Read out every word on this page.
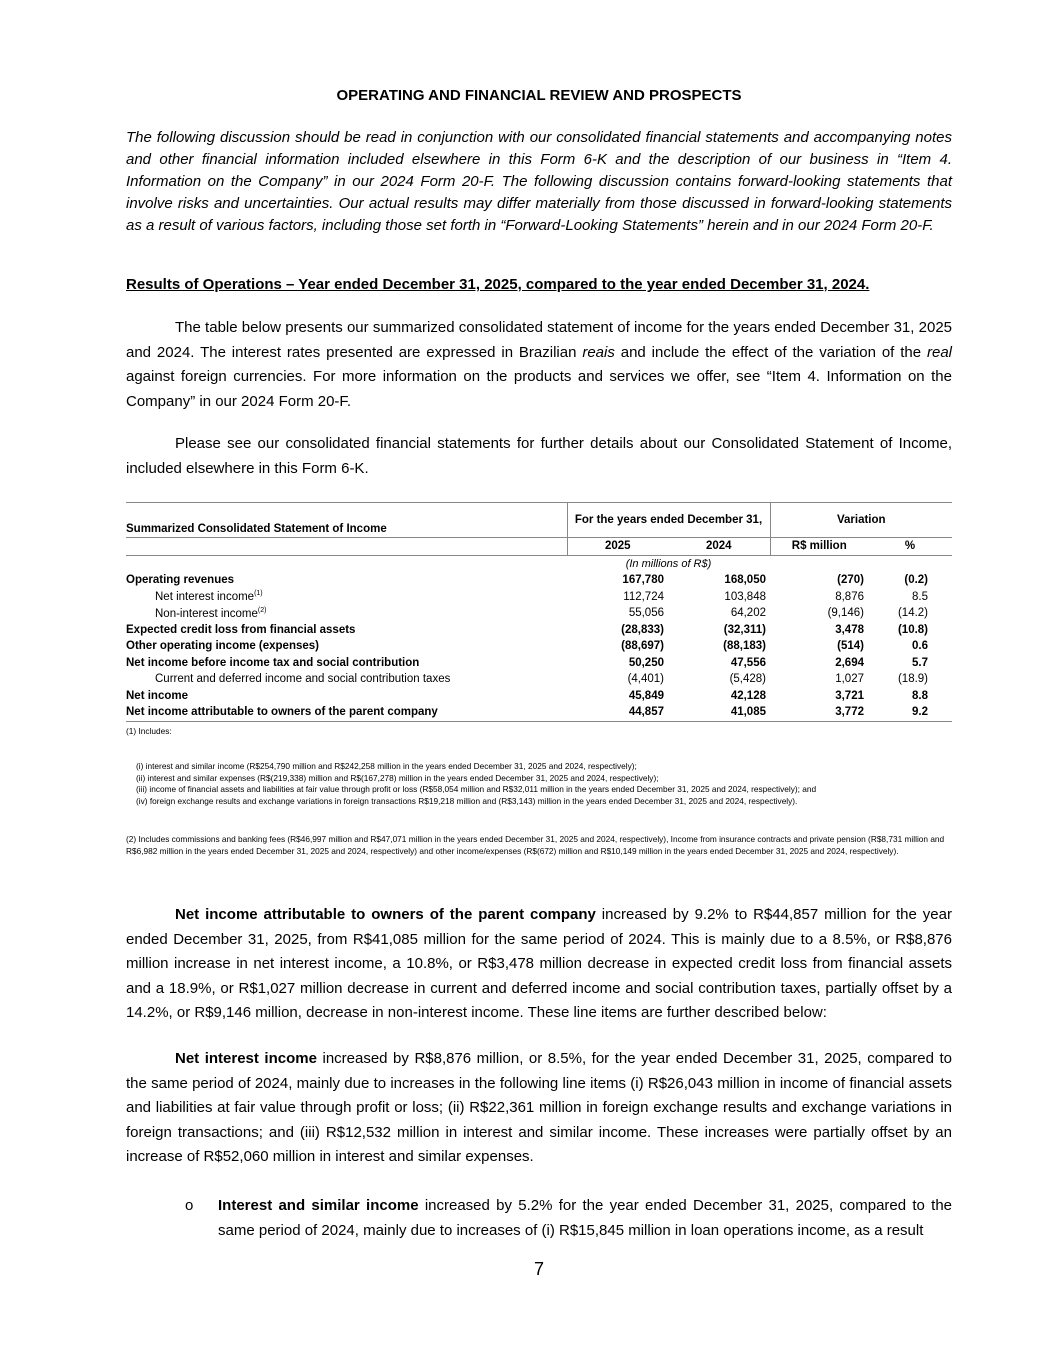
OPERATING AND FINANCIAL REVIEW AND PROSPECTS
The following discussion should be read in conjunction with our consolidated financial statements and accompanying notes and other financial information included elsewhere in this Form 6-K and the description of our business in “Item 4. Information on the Company” in our 2024 Form 20-F. The following discussion contains forward-looking statements that involve risks and uncertainties. Our actual results may differ materially from those discussed in forward-looking statements as a result of various factors, including those set forth in “Forward-Looking Statements” herein and in our 2024 Form 20-F.
Results of Operations – Year ended December 31, 2025, compared to the year ended December 31, 2024.

The table below presents our summarized consolidated statement of income for the years ended December 31, 2025 and 2024. The interest rates presented are expressed in Brazilian reais and include the effect of the variation of the real against foreign currencies. For more information on the products and services we offer, see “Item 4. Information on the Company” in our 2024 Form 20-F.

Please see our consolidated financial statements for further details about our Consolidated Statement of Income, included elsewhere in this Form 6-K.

Summarized Consolidated Statement of Income	For the years ended December 31,		Variation	

	2025	2024	R$ million	%
	(In millions of R$)			
Operating revenues	167,780	168,050	(270)	(0.2)
Net interest income$^{(1)}$	112,724	103,848	8,876	8.5
Non-interest income$^{(2)}$	55,056	64,202	(9,146)	(14.2)
Expected credit loss from financial assets	(28,833)	(32,311)	3,478	(10.8)
Other operating income (expenses)	(88,697)	(88,183)	(514)	0.6
Net income before income tax and social contribution	50,250	47,556	2,694	5.7
Current and deferred income and social contribution taxes	(4,401)	(5,428)	1,027	(18.9)
Net income	45,849	42,128	3,721	8.8
Net income attributable to owners of the parent company	44,857	41,085	3,772	9.2
(1) Includes:
(i) interest and similar income (R$254,790 million and R$242,258 million in the years ended December 31, 2025 and 2024, respectively);
(ii) interest and similar expenses (R$(219,338) million and R$(167,278) million in the years ended December 31, 2025 and 2024, respectively);
(iii) income of financial assets and liabilities at fair value through profit or loss (R$58,054 million and R$32,011 million in the years ended December 31, 2025 and 2024, respectively); and
(iv) foreign exchange results and exchange variations in foreign transactions R$19,218 million and (R$3,143) million in the years ended December 31, 2025 and 2024, respectively).
(2) Includes commissions and banking fees (R$46,997 million and R$47,071 million in the years ended December 31, 2025 and 2024, respectively), Income from insurance contracts and private pension (R$8,731 million and R$6,982 million in the years ended December 31, 2025 and 2024, respectively) and other income/expenses (R$(672) million and R$10,149 million in the years ended December 31, 2025 and 2024, respectively).

Net income attributable to owners of the parent company increased by 9.2% to R$44,857 million for the year ended December 31, 2025, from R$41,085 million for the same period of 2024. This is mainly due to a 8.5%, or R$8,876 million increase in net interest income, a 10.8%, or R$3,478 million decrease in expected credit loss from financial assets and a 18.9%, or R$1,027 million decrease in current and deferred income and social contribution taxes, partially offset by a 14.2%, or R$9,146 million, decrease in non-interest income. These line items are further described below:

Net interest income increased by R$8,876 million, or 8.5%, for the year ended December 31, 2025, compared to the same period of 2024, mainly due to increases in the following line items (i) R$26,043 million in income of financial assets and liabilities at fair value through profit or loss; (ii) R$22,361 million in foreign exchange results and exchange variations in foreign transactions; and (iii) R$12,532 million in interest and similar income. These increases were partially offset by an increase of R$52,060 million in interest and similar expenses.

o Interest and similar income increased by 5.2% for the year ended December 31, 2025, compared to the same period of 2024, mainly due to increases of (i) R$15,845 million in loan operations income, as a result

7
